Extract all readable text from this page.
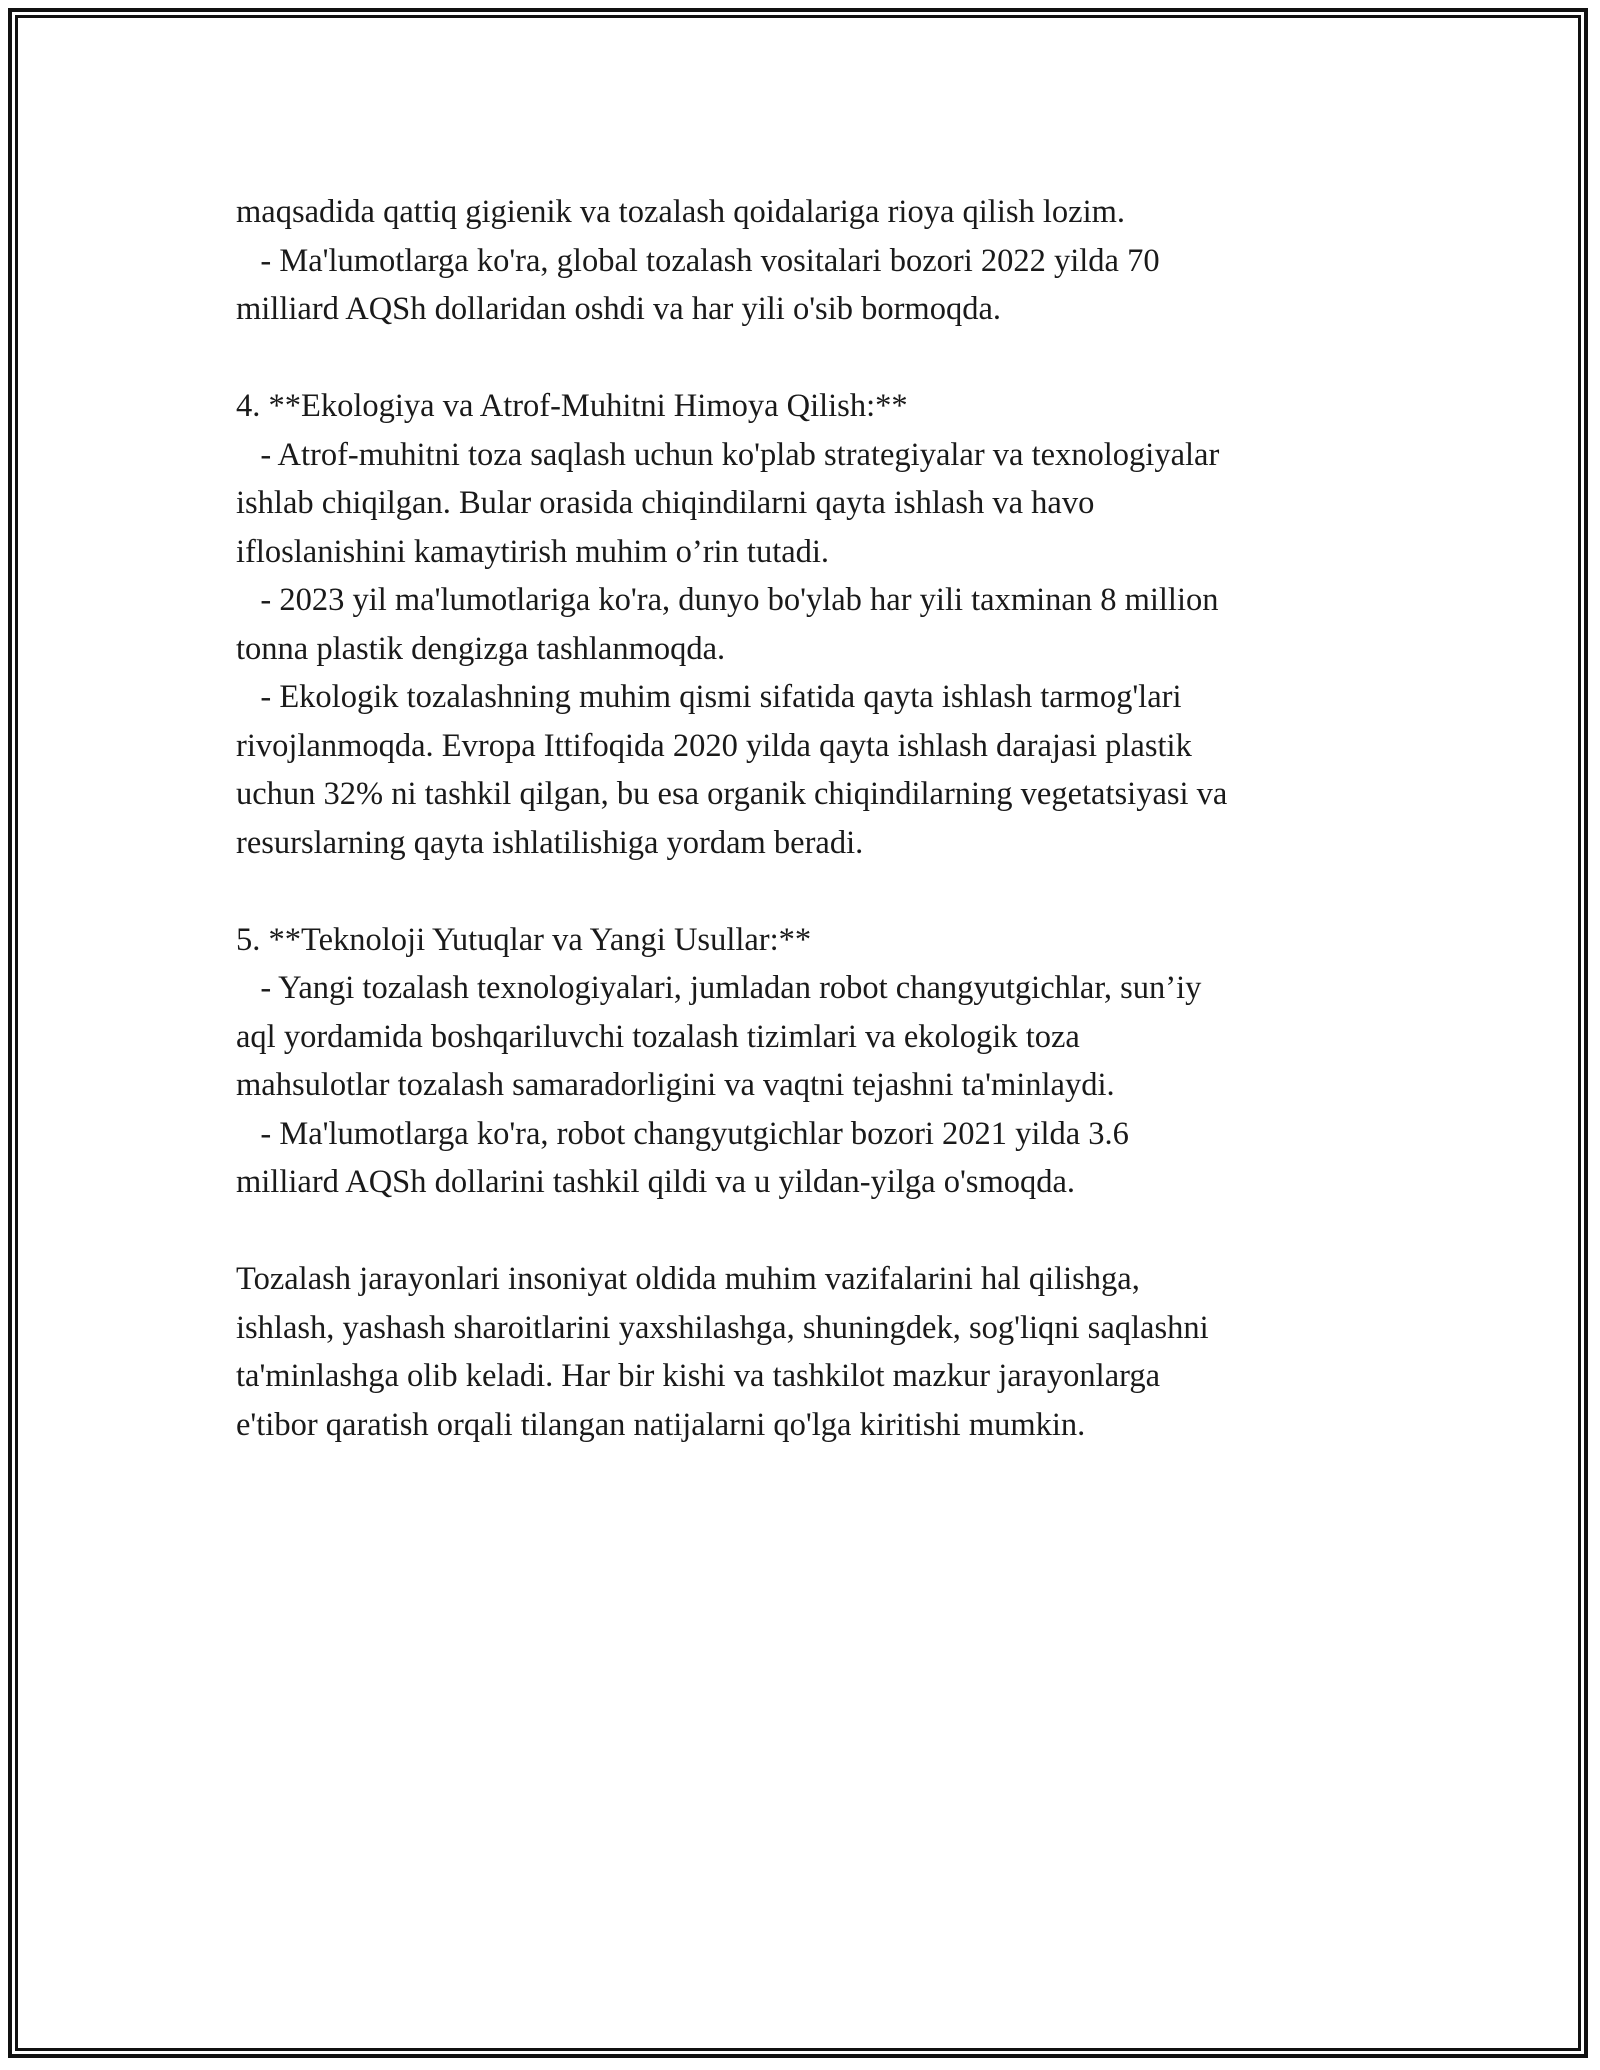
maqsadida qattiq gigienik va tozalash qoidalariga rioya qilish lozim.
- Ma'lumotlarga ko'ra, global tozalash vositalari bozori 2022 yilda 70
milliard AQSh dollaridan oshdi va har yili o'sib bormoqda.
4. **Ekologiya va Atrof-Muhitni Himoya Qilish:**
- Atrof-muhitni toza saqlash uchun ko'plab strategiyalar va texnologiyalar
ishlab chiqilgan. Bular orasida chiqindilarni qayta ishlash va havo
ifloslanishini kamaytirish muhim o’rin tutadi.
- 2023 yil ma'lumotlariga ko'ra, dunyo bo'ylab har yili taxminan 8 million
tonna plastik dengizga tashlanmoqda.
- Ekologik tozalashning muhim qismi sifatida qayta ishlash tarmog'lari
rivojlanmoqda. Evropa Ittifoqida 2020 yilda qayta ishlash darajasi plastik
uchun 32% ni tashkil qilgan, bu esa organik chiqindilarning vegetatsiyasi va
resurslarning qayta ishlatilishiga yordam beradi.
5. **Teknoloji Yutuqlar va Yangi Usullar:**
- Yangi tozalash texnologiyalari, jumladan robot changyutgichlar, sun’iy
aql yordamida boshqariluvchi tozalash tizimlari va ekologik toza
mahsulotlar tozalash samaradorligini va vaqtni tejashni ta'minlaydi.
- Ma'lumotlarga ko'ra, robot changyutgichlar bozori 2021 yilda 3.6
milliard AQSh dollarini tashkil qildi va u yildan-yilga o'smoqda.
Tozalash jarayonlari insoniyat oldida muhim vazifalarini hal qilishga,
ishlash, yashash sharoitlarini yaxshilashga, shuningdek, sog'liqni saqlashni
ta'minlashga olib keladi. Har bir kishi va tashkilot mazkur jarayonlarga
e'tibor qaratish orqali tilangan natijalarni qo'lga kiritishi mumkin.
